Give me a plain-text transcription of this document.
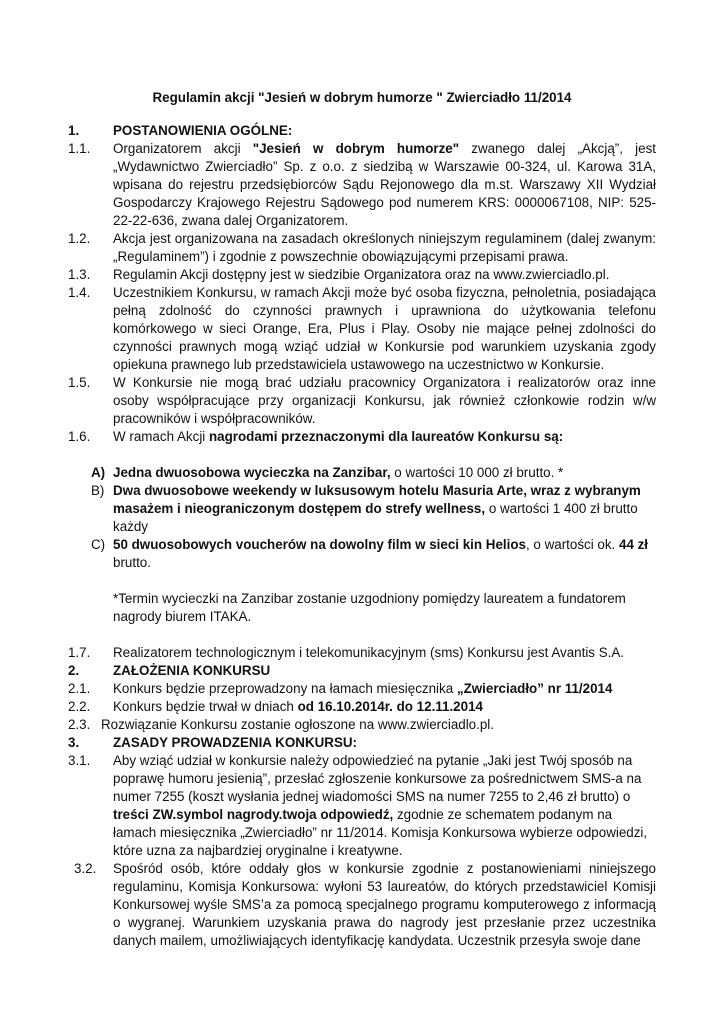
Regulamin akcji "Jesień w dobrym humorze " Zwierciadło 11/2014
1.	POSTANOWIENIA OGÓLNE:
1.1. Organizatorem akcji "Jesień w dobrym humorze" zwanego dalej „Akcją”, jest „Wydawnictwo Zwierciadło” Sp. z o.o. z siedzibą w Warszawie 00-324, ul. Karowa 31A, wpisana do rejestru przedsiębiorców Sądu Rejonowego dla m.st. Warszawy XII Wydział Gospodarczy Krajowego Rejestru Sądowego pod numerem KRS: 0000067108, NIP: 525-22-22-636, zwana dalej Organizatorem.
1.2. Akcja jest organizowana na zasadach określonych niniejszym regulaminem (dalej zwanym: „Regulaminem”) i zgodnie z powszechnie obowiązującymi przepisami prawa.
1.3. Regulamin Akcji dostępny jest w siedzibie Organizatora oraz na www.zwierciadlo.pl.
1.4. Uczestnikiem Konkursu, w ramach Akcji może być osoba fizyczna, pełnoletnia, posiadająca pełną zdolność do czynności prawnych i uprawniona do użytkowania telefonu komórkowego w sieci Orange, Era, Plus i Play. Osoby nie mające pełnej zdolności do czynności prawnych mogą wziąć udział w Konkursie pod warunkiem uzyskania zgody opiekuna prawnego lub przedstawiciela ustawowego na uczestnictwo w Konkursie.
1.5. W Konkursie nie mogą brać udziału pracownicy Organizatora i realizatorów oraz inne osoby współpracujące przy organizacji Konkursu, jak również członkowie rodzin w/w pracowników i współpracowników.
1.6. W ramach Akcji nagrodami przeznaczonymi dla laureatów Konkursu są:
A) Jedna dwuosobowa wycieczka na Zanzibar, o wartości 10 000 zł brutto. *
B) Dwa dwuosobowe weekendy w luksusowym hotelu Masuria Arte, wraz z wybranym masażem i nieograniczonym dostępem do strefy wellness, o wartości 1 400 zł brutto każdy
C) 50 dwuosobowych voucherów na dowolny film w sieci kin Helios, o wartości ok. 44 zł brutto.
*Termin wycieczki na Zanzibar zostanie uzgodniony pomiędzy laureatem a fundatorem nagrody biurem ITAKA.
1.7. Realizatorem technologicznym i telekomunikacyjnym (sms) Konkursu jest Avantis S.A.
2.	ZAŁOŻENIA KONKURSU
2.1. Konkurs będzie przeprowadzony na łamach miesięcznika „Zwierciadło” nr 11/2014
2.2. Konkurs będzie trwał w dniach od 16.10.2014r. do 12.11.2014
2.3. Rozwiązanie Konkursu zostanie ogłoszone na www.zwierciadlo.pl.
3.	ZASADY PROWADZENIA KONKURSU:
3.1. Aby wziąć udział w konkursie należy odpowiedzieć na pytanie „Jaki jest Twój sposób na poprawę humoru jesienią”, przesłać zgłoszenie konkursowe za pośrednictwem SMS-a na numer 7255 (koszt wysłania jednej wiadomości SMS na numer 7255 to 2,46 zł brutto) o treści ZW.symbol nagrody.twoja odpowiedź, zgodnie ze schematem podanym na łamach miesięcznika „Zwierciadło” nr 11/2014. Komisja Konkursowa wybierze odpowiedzi, które uzna za najbardziej oryginalne i kreatywne.
3.2. Spośród osób, które oddały głos w konkursie zgodnie z postanowieniami niniejszego regulaminu, Komisja Konkursowa: wyłoni 53 laureatów, do których przedstawiciel Komisji Konkursowej wyśle SMS’a za pomocą specjalnego programu komputerowego z informacją o wygranej. Warunkiem uzyskania prawa do nagrody jest przesłanie przez uczestnika danych mailem, umożliwiających identyfikację kandydata. Uczestnik przesyła swoje dane
